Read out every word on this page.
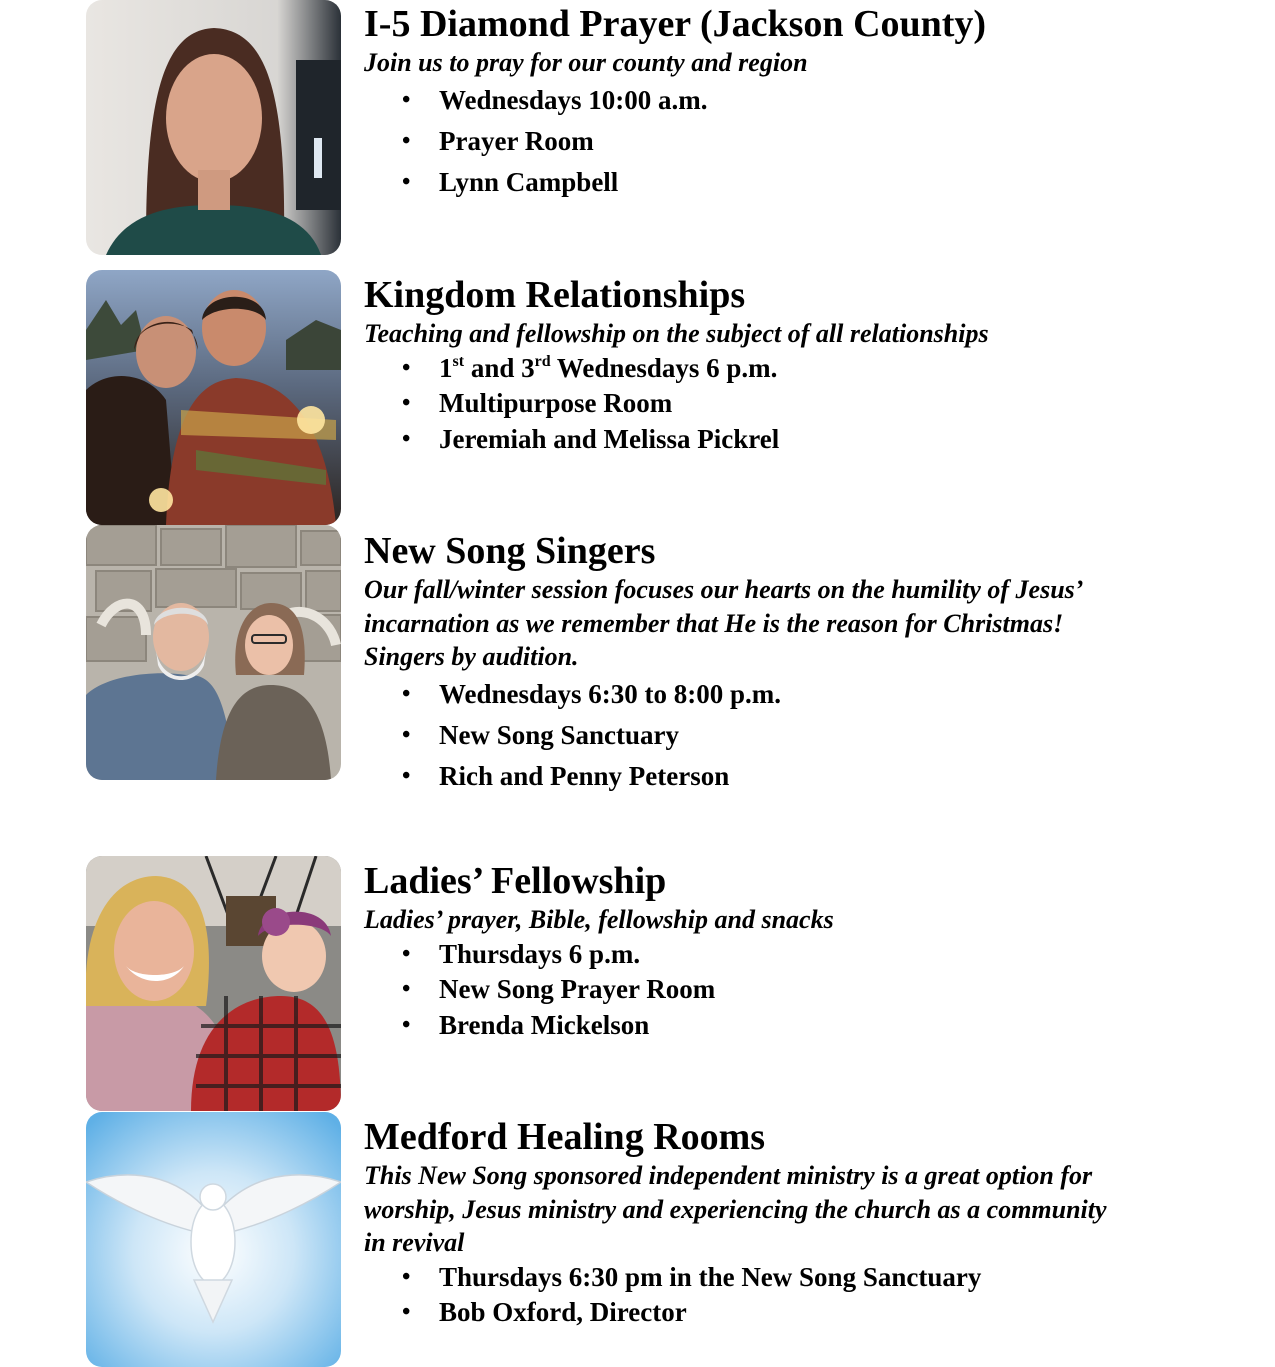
I-5 Diamond Prayer (Jackson County)

Join us to pray for our county and region

• Wednesdays 10:00 a.m.
• Prayer Room
• Lynn Campbell
Kingdom Relationships

Teaching and fellowship on the subject of all relationships

• 1st and 3rd Wednesdays 6 p.m.
• Multipurpose Room
• Jeremiah and Melissa Pickrel
New Song Singers

Our fall/winter session focuses our hearts on the humility of Jesus’ incarnation as we remember that He is the reason for Christmas! Singers by audition.

• Wednesdays 6:30 to 8:00 p.m.
• New Song Sanctuary
• Rich and Penny Peterson
Ladies’ Fellowship

Ladies’ prayer, Bible, fellowship and snacks

• Thursdays 6 p.m.
• New Song Prayer Room
• Brenda Mickelson
Medford Healing Rooms

This New Song sponsored independent ministry is a great option for worship, Jesus ministry and experiencing the church as a community in revival

• Thursdays 6:30 pm in the New Song Sanctuary
• Bob Oxford, Director
